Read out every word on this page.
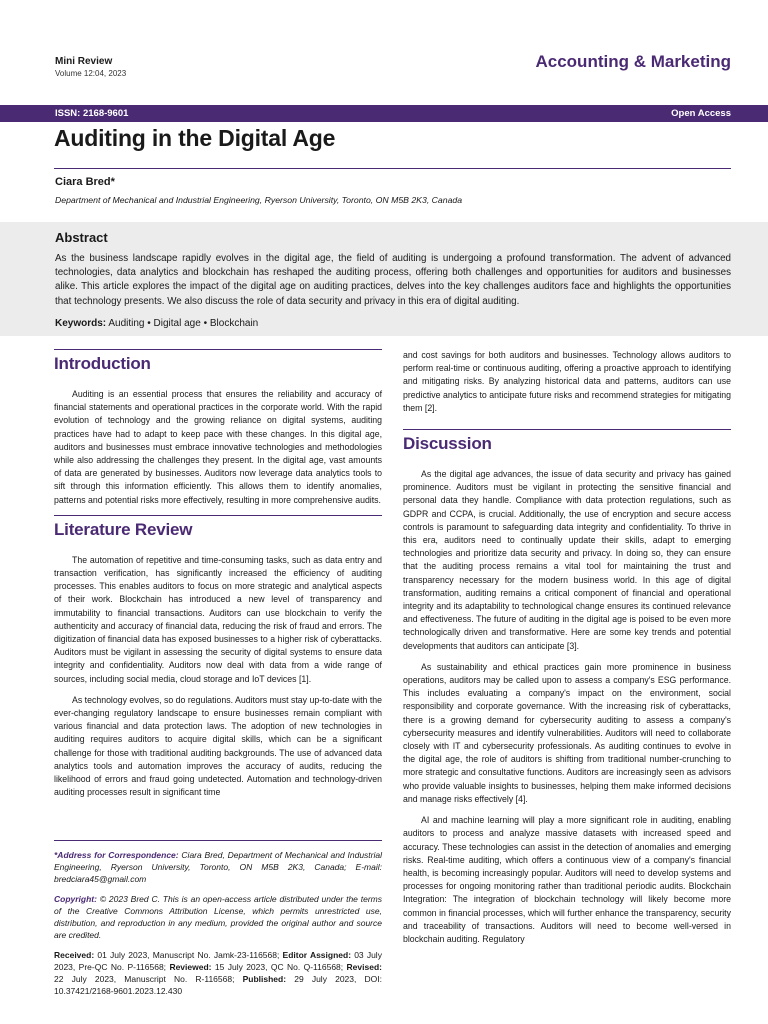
Mini Review
Volume 12:04, 2023
Accounting & Marketing
ISSN: 2168-9601	Open Access
Auditing in the Digital Age
Ciara Bred*
Department of Mechanical and Industrial Engineering, Ryerson University, Toronto, ON M5B 2K3, Canada
Abstract

As the business landscape rapidly evolves in the digital age, the field of auditing is undergoing a profound transformation. The advent of advanced technologies, data analytics and blockchain has reshaped the auditing process, offering both challenges and opportunities for auditors and businesses alike. This article explores the impact of the digital age on auditing practices, delves into the key challenges auditors face and highlights the opportunities that technology presents. We also discuss the role of data security and privacy in this era of digital auditing.

Keywords: Auditing • Digital age • Blockchain
Introduction

Auditing is an essential process that ensures the reliability and accuracy of financial statements and operational practices in the corporate world. With the rapid evolution of technology and the growing reliance on digital systems, auditing practices have had to adapt to keep pace with these changes. In this digital age, auditors and businesses must embrace innovative technologies and methodologies while also addressing the challenges they present. In the digital age, vast amounts of data are generated by businesses. Auditors now leverage data analytics tools to sift through this information efficiently. This allows them to identify anomalies, patterns and potential risks more effectively, resulting in more comprehensive audits.

Literature Review

The automation of repetitive and time-consuming tasks, such as data entry and transaction verification, has significantly increased the efficiency of auditing processes. This enables auditors to focus on more strategic and analytical aspects of their work. Blockchain has introduced a new level of transparency and immutability to financial transactions. Auditors can use blockchain to verify the authenticity and accuracy of financial data, reducing the risk of fraud and errors. The digitization of financial data has exposed businesses to a higher risk of cyberattacks. Auditors must be vigilant in assessing the security of digital systems to ensure data integrity and confidentiality. Auditors now deal with data from a wide range of sources, including social media, cloud storage and IoT devices [1].

As technology evolves, so do regulations. Auditors must stay up-to-date with the ever-changing regulatory landscape to ensure businesses remain compliant with various financial and data protection laws. The adoption of new technologies in auditing requires auditors to acquire digital skills, which can be a significant challenge for those with traditional auditing backgrounds. The use of advanced data analytics tools and automation improves the accuracy of audits, reducing the likelihood of errors and fraud going undetected. Automation and technology-driven auditing processes result in significant time

*Address for Correspondence: Ciara Bred, Department of Mechanical and Industrial Engineering, Ryerson University, Toronto, ON M5B 2K3, Canada; E-mail: bredciara45@gmail.com

Copyright: © 2023 Bred C. This is an open-access article distributed under the terms of the Creative Commons Attribution License, which permits unrestricted use, distribution, and reproduction in any medium, provided the original author and source are credited.

Received: 01 July 2023, Manuscript No. Jamk-23-116568; Editor Assigned: 03 July 2023, Pre-QC No. P-116568; Reviewed: 15 July 2023, QC No. Q-116568; Revised: 22 July 2023, Manuscript No. R-116568; Published: 29 July 2023, DOI: 10.37421/2168-9601.2023.12.430

and cost savings for both auditors and businesses. Technology allows auditors to perform real-time or continuous auditing, offering a proactive approach to identifying and mitigating risks. By analyzing historical data and patterns, auditors can use predictive analytics to anticipate future risks and recommend strategies for mitigating them [2].

Discussion

As the digital age advances, the issue of data security and privacy has gained prominence. Auditors must be vigilant in protecting the sensitive financial and personal data they handle. Compliance with data protection regulations, such as GDPR and CCPA, is crucial. Additionally, the use of encryption and secure access controls is paramount to safeguarding data integrity and confidentiality. To thrive in this era, auditors need to continually update their skills, adapt to emerging technologies and prioritize data security and privacy. In doing so, they can ensure that the auditing process remains a vital tool for maintaining the trust and transparency necessary for the modern business world. In this age of digital transformation, auditing remains a critical component of financial and operational integrity and its adaptability to technological change ensures its continued relevance and effectiveness. The future of auditing in the digital age is poised to be even more technologically driven and transformative. Here are some key trends and potential developments that auditors can anticipate [3].

As sustainability and ethical practices gain more prominence in business operations, auditors may be called upon to assess a company's ESG performance. This includes evaluating a company's impact on the environment, social responsibility and corporate governance. With the increasing risk of cyberattacks, there is a growing demand for cybersecurity auditing to assess a company's cybersecurity measures and identify vulnerabilities. Auditors will need to collaborate closely with IT and cybersecurity professionals. As auditing continues to evolve in the digital age, the role of auditors is shifting from traditional number-crunching to more strategic and consultative functions. Auditors are increasingly seen as advisors who provide valuable insights to businesses, helping them make informed decisions and manage risks effectively [4].

AI and machine learning will play a more significant role in auditing, enabling auditors to process and analyze massive datasets with increased speed and accuracy. These technologies can assist in the detection of anomalies and emerging risks. Real-time auditing, which offers a continuous view of a company's financial health, is becoming increasingly popular. Auditors will need to develop systems and processes for ongoing monitoring rather than traditional periodic audits. Blockchain Integration: The integration of blockchain technology will likely become more common in financial processes, which will further enhance the transparency, security and traceability of transactions. Auditors will need to become well-versed in blockchain auditing. Regulatory
